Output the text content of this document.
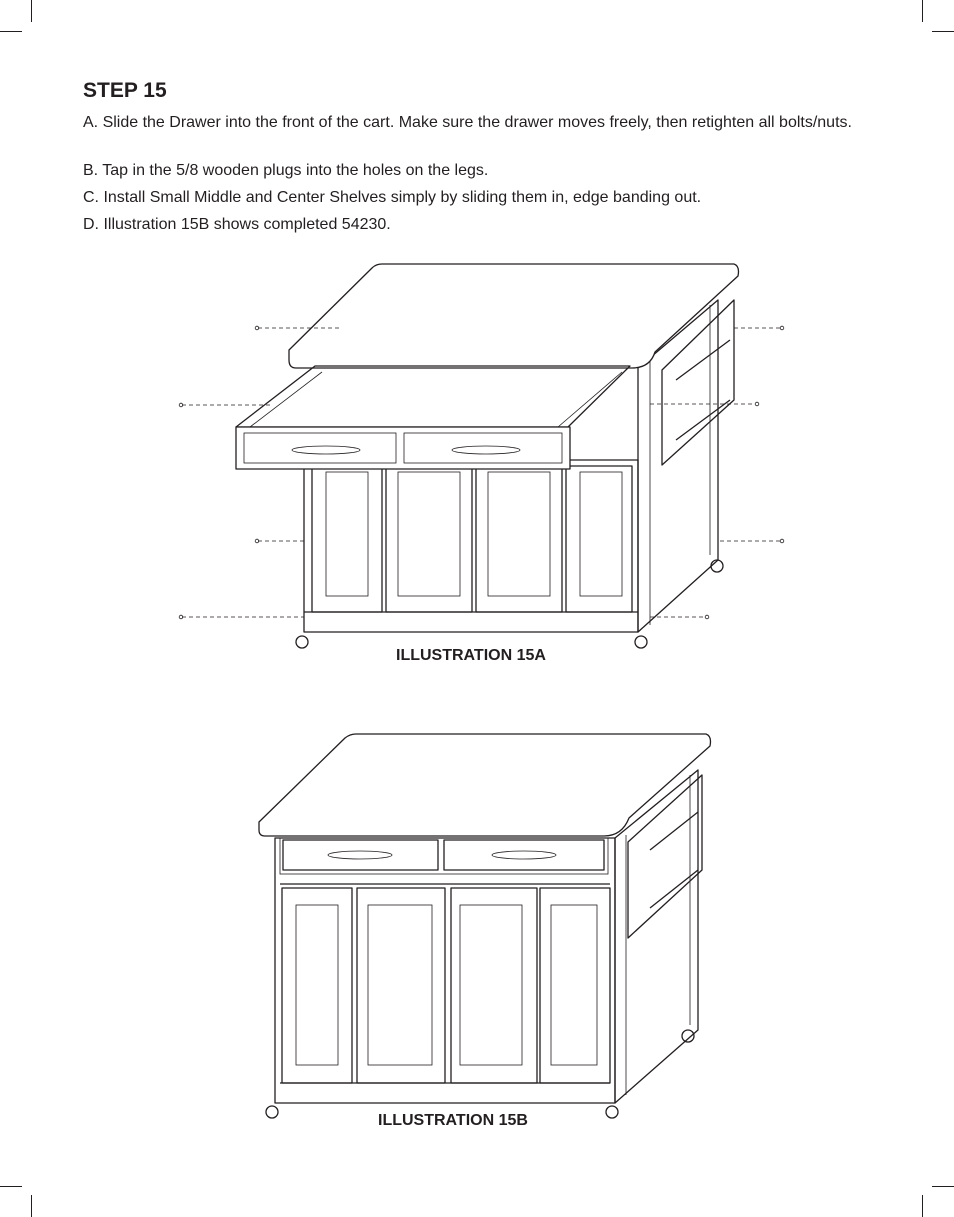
STEP 15

A. Slide the Drawer into the front of the cart. Make sure the drawer moves freely, then retighten all bolts/nuts.

B. Tap in the 5/8 wooden plugs into the holes on the legs.

C. Install Small Middle and Center Shelves simply by sliding them in, edge banding out.

D. Illustration 15B shows completed 54230.

ILLUSTRATION 15A
ILLUSTRATION 15B
